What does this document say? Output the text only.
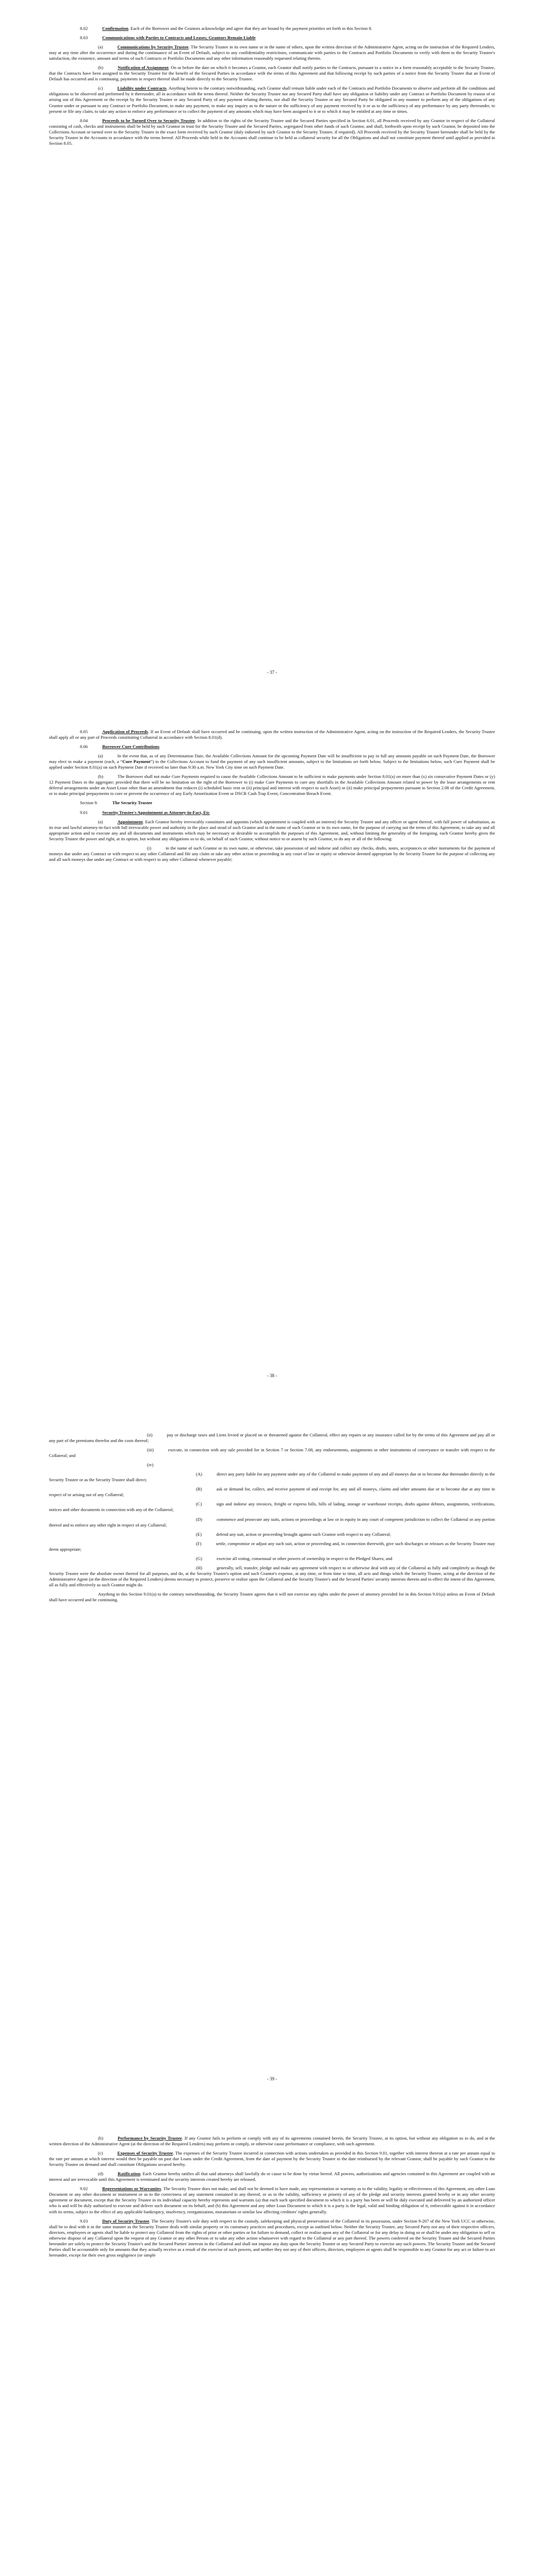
8.02	Confirmation. Each of the Borrower and the Grantors acknowledge and agree that they are bound by the payment priorities set forth in this Section 8.

8.03	Communications with Parties to Contracts and Leases; Grantors Remain Liable

(a)	Communications by Security Trustee. The Security Trustee in its own name or in the name of others, upon the written direction of the Administrative Agent, acting on the instruction of the Required Lenders, may at any time after the occurrence and during the continuance of an Event of Default, subject to any confidentiality restrictions, communicate with parties to the Contracts and Portfolio Documents to verify with them to the Security Trustee's satisfaction, the existence, amount and terms of such Contracts or Portfolio Documents and any other information reasonably requested relating thereto.

(b)	Notification of Assignment. On or before the date on which it becomes a Grantor, each Grantor shall notify parties to the Contracts, pursuant to a notice in a form reasonably acceptable to the Security Trustee, that the Contracts have been assigned to the Security Trustee for the benefit of the Secured Parties in accordance with the terms of this Agreement and that following receipt by such parties of a notice from the Security Trustee that an Event of Default has occurred and is continuing, payments in respect thereof shall be made directly to the Security Trustee.

(c)	Liability under Contracts. Anything herein to the contrary notwithstanding, each Grantor shall remain liable under each of the Contracts and Portfolio Documents to observe and perform all the conditions and obligations to be observed and performed by it thereunder, all in accordance with the terms thereof. Neither the Security Trustee nor any Secured Party shall have any obligation or liability under any Contract or Portfolio Document by reason of or arising out of this Agreement or the receipt by the Security Trustee or any Secured Party of any payment relating thereto, nor shall the Security Trustee or any Secured Party be obligated in any manner to perform any of the obligations of any Grantor under or pursuant to any Contract or Portfolio Document, to make any payment, to make any inquiry as to the nature or the sufficiency of any payment received by it or as to the sufficiency of any performance by any party thereunder, to present or file any claim, to take any action to enforce any performance or to collect the payment of any amounts which may have been assigned to it or to which it may be entitled at any time or times.

8.04	Proceeds to be Turned Over to Security Trustee. In addition to the rights of the Security Trustee and the Secured Parties specified in Section 6.01, all Proceeds received by any Grantor in respect of the Collateral consisting of cash, checks and instruments shall be held by such Grantor in trust for the Security Trustee and the Secured Parties, segregated from other funds of such Grantor, and shall, forthwith upon receipt by such Grantor, be deposited into the Collections Account or turned over to the Security Trustee in the exact form received by such Grantor (duly indorsed by such Grantor to the Security Trustee, if required). All Proceeds received by the Security Trustee hereunder shall be held by the Security Trustee in the Accounts in accordance with the terms hereof. All Proceeds while held in the Accounts shall continue to be held as collateral security for all the Obligations and shall not constitute payment thereof until applied as provided in Section 8.05.

- 37 -

8.05	Application of Proceeds. If an Event of Default shall have occurred and be continuing, upon the written instruction of the Administrative Agent, acting on the instruction of the Required Lenders, the Security Trustee shall apply all or any part of Proceeds constituting Collateral in accordance with Section 8.01(d).

8.06	Borrower Cure Contributions

(a)	In the event that, as of any Determination Date, the Available Collections Amount for the upcoming Payment Date will be insufficient to pay in full any amounts payable on such Payment Date, the Borrower may elect to make a payment (each, a “Cure Payment”) to the Collections Account to fund the payment of any such insufficient amounts, subject to the limitations set forth below. Subject to the limitations below, such Cure Payment shall be applied under Section 8.01(a) on such Payment Date if received no later than 9:30 a.m. New York City time on such Payment Date.

(b)	The Borrower shall not make Cure Payments required to cause the Available Collections Amount to be sufficient to make payments under Section 8.01(a) on more than (x) six consecutive Payment Dates or (y) 12 Payment Dates in the aggregate; provided that there will be no limitation on the right of the Borrower to (i) make Cure Payments to cure any shortfalls in the Available Collections Amount related to power by the lease arrangements or rent deferral arrangements under an Asset Lease other than an amendment that reduces (i) scheduled basic rent or (ii) principal and interest with respect to such Asset) or (ii) make principal prepayments pursuant to Section 2.08 of the Credit Agreement, or to make principal prepayments to cure or prevent the occurrence of any Early Amortization Event or DSCR Cash Trap Event, Concentration Breach Event.

Section 9.	The Security Trustee

9.01	Security Trustee's Appointment as Attorney-in-Fact, Etc

(a)	Appointment. Each Grantor hereby irrevocably constitutes and appoints (which appointment is coupled with an interest) the Security Trustee and any officer or agent thereof, with full power of substitution, as its true and lawful attorney-in-fact with full irrevocable power and authority in the place and stead of such Grantor and in the name of such Grantor or in its own name, for the purpose of carrying out the terms of this Agreement, to take any and all appropriate action and to execute any and all documents and instruments which may be necessary or desirable to accomplish the purposes of this Agreement, and, without limiting the generality of the foregoing, each Grantor hereby gives the Security Trustee the power and right, at its option, but without any obligations so to do, on behalf of such Grantor, without notice to or assent by such Grantor, to do any or all of the following:

(i)	in the name of such Grantor or its own name, or otherwise, take possession of and indorse and collect any checks, drafts, notes, acceptances or other instruments for the payment of moneys due under any Contract or with respect to any other Collateral and file any claim or take any other action or proceeding in any court of law or equity or otherwise deemed appropriate by the Security Trustee for the purpose of collecting any and all such moneys due under any Contract or with respect to any other Collateral whenever payable;

- 38 -

(ii)	pay or discharge taxes and Liens levied or placed on or threatened against the Collateral, effect any repairs or any insurance called for by the terms of this Agreement and pay all or any part of the premiums therefor and the costs thereof;

(iii)	execute, in connection with any sale provided for in Section 7 or Section 7.08, any endorsements, assignments or other instruments of conveyance or transfer with respect to the Collateral; and

(iv)

(A)	direct any party liable for any payment under any of the Collateral to make payment of any and all moneys due or to become due thereunder directly to the Security Trustee or as the Security Trustee shall direct;

(B)	ask or demand for, collect, and receive payment of and receipt for, any and all moneys, claims and other amounts due or to become due at any time in respect of or arising out of any Collateral;

(C)	sign and indorse any invoices, freight or express bills, bills of lading, storage or warehouse receipts, drafts against debtors, assignments, verifications, notices and other documents in connection with any of the Collateral;

(D)	commence and prosecute any suits, actions or proceedings at law or in equity in any court of competent jurisdiction to collect the Collateral or any portion thereof and to enforce any other right in respect of any Collateral;

(E)	defend any suit, action or proceeding brought against such Grantor with respect to any Collateral;

(F)	settle, compromise or adjust any such suit, action or proceeding and, in connection therewith, give such discharges or releases as the Security Trustee may deem appropriate;

(G)	exercise all voting, consensual or other powers of ownership in respect to the Pledged Shares; and

(H)	generally, sell, transfer, pledge and make any agreement with respect to or otherwise deal with any of the Collateral as fully and completely as though the Security Trustee were the absolute owner thereof for all purposes, and do, at the Security Trustee's option and such Grantor's expense, at any time, or from time to time, all acts and things which the Security Trustee, acting at the direction of the Administrative Agent (at the direction of the Required Lenders) deems necessary to protect, preserve or realize upon the Collateral and the Security Trustee's and the Secured Parties' security interests therein and to effect the intent of this Agreement, all as fully and effectively as such Grantor might do.

Anything in this Section 9.01(a) to the contrary notwithstanding, the Security Trustee agrees that it will not exercise any rights under the power of attorney provided for in this Section 9.01(a) unless an Event of Default shall have occurred and be continuing.

- 39 -

(b)	Performance by Security Trustee. If any Grantor fails to perform or comply with any of its agreements contained herein, the Security Trustee, at its option, but without any obligation so to do, and at the written direction of the Administrative Agent (at the direction of the Required Lenders) may perform or comply, or otherwise cause performance or compliance, with such agreement.

(c)	Expenses of Security Trustee. The expenses of the Security Trustee incurred in connection with actions undertaken as provided in this Section 9.01, together with interest thereon at a rate per annum equal to the rate per annum at which interest would then be payable on past due Loans under the Credit Agreement, from the date of payment by the Security Trustee to the date reimbursed by the relevant Grantor, shall be payable by such Grantor to the Security Trustee on demand and shall constitute Obligations secured hereby.

(d)	Ratification. Each Grantor hereby ratifies all that said attorneys shall lawfully do or cause to be done by virtue hereof. All powers, authorizations and agencies contained in this Agreement are coupled with an interest and are irrevocable until this Agreement is terminated and the security interests created hereby are released.

9.02	Representations or Warranties. The Security Trustee does not make, and shall not be deemed to have made, any representation or warranty as to the validity, legality or effectiveness of this Agreement, any other Loan Document or any other document or instrument or as to the correctness of any statement contained in any thereof, or as to the validity, sufficiency or priority of any of the pledge and security interests granted hereby or in any other security agreement or document, except that the Security Trustee in its individual capacity hereby represents and warrants (a) that each such specified document to which it is a party has been or will be duly executed and delivered by an authorized officer who is and will be duly authorized to execute and deliver such document on its behalf, and (b) this Agreement and any other Loan Document to which it is a party is the legal, valid and binding obligation of it, enforceable against it in accordance with its terms, subject to the effect of any applicable bankruptcy, insolvency, reorganization, moratorium or similar law affecting creditors' rights generally.

9.03	Duty of Security Trustee. The Security Trustee's sole duty with respect to the custody, safekeeping and physical preservation of the Collateral in its possession, under Section 9-207 of the New York UCC or otherwise, shall be to deal with it in the same manner as the Security Trustee deals with similar property or its customary practices and procedures, except as outlined below. Neither the Security Trustee, any Secured Party nor any of their respective officers, directors, employees or agents shall be liable to protect any Collateral from the rights of prior or other parties or for failure to demand, collect or realize upon any of the Collateral or for any delay in doing so or shall be under any obligation to sell or otherwise dispose of any Collateral upon the request of any Grantor or any other Person or to take any other action whatsoever with regard to the Collateral or any part thereof. The powers conferred on the Security Trustee and the Secured Parties hereunder are solely to protect the Security Trustee's and the Secured Parties' interests in the Collateral and shall not impose any duty upon the Security Trustee or any Secured Party to exercise any such powers. The Security Trustee and the Secured Parties shall be accountable only for amounts that they actually receive as a result of the exercise of such powers, and neither they nor any of their officers, directors, employees or agents shall be responsible to any Grantor for any act or failure to act hereunder, except for their own gross negligence (or simple
